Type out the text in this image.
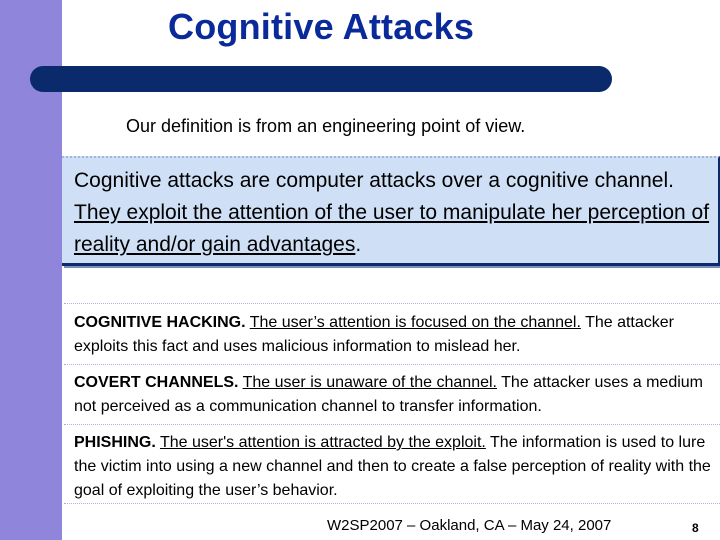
Cognitive Attacks
Our definition is from an engineering point of view.
Cognitive attacks are computer attacks over a cognitive channel. They exploit the attention of the user to manipulate her perception of reality and/or gain advantages.
COGNITIVE HACKING. The user’s attention is focused on the channel. The attacker exploits this fact and uses malicious information to mislead her.
COVERT CHANNELS. The user is unaware of the channel. The attacker uses a medium not perceived as a communication channel to transfer information.
PHISHING. The user's attention is attracted by the exploit. The information is used to lure the victim into using a new channel and then to create a false perception of reality with the goal of exploiting the user’s behavior.
W2SP2007 – Oakland, CA – May 24, 2007	8
